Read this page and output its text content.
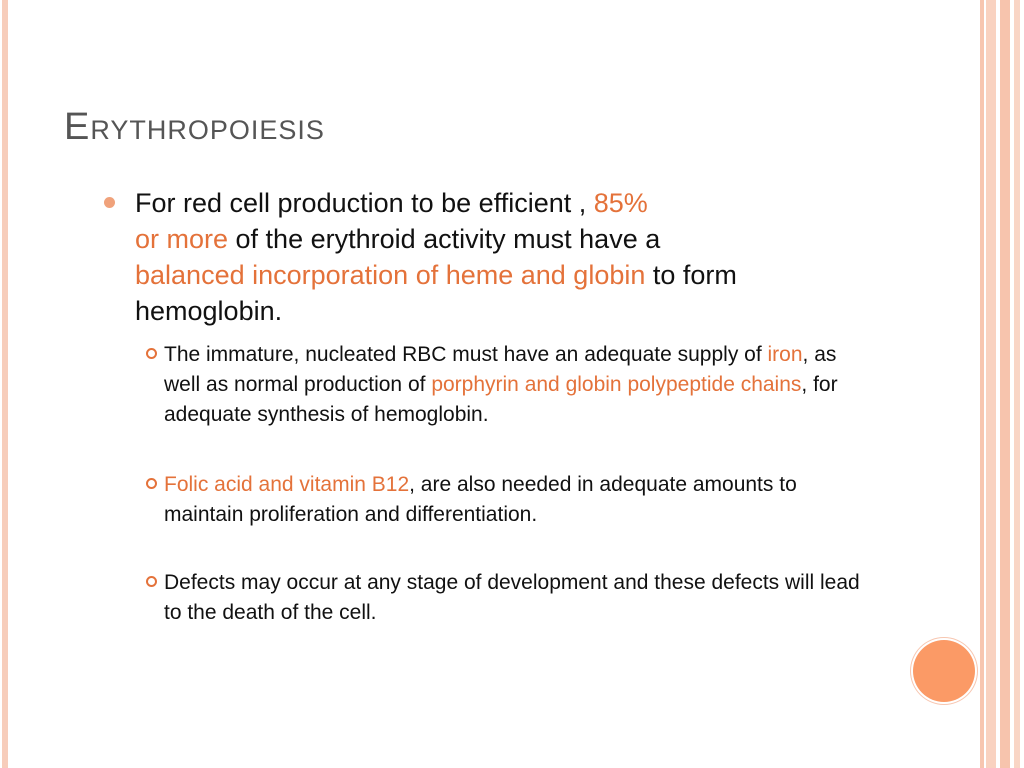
Erythropoiesis

For red cell production to be efficient , 85%
or more of the erythroid activity must have a
balanced incorporation of heme and globin to form hemoglobin.

The immature, nucleated RBC must have an adequate supply of iron, as well as normal production of porphyrin and globin polypeptide chains, for adequate synthesis of hemoglobin.

Folic acid and vitamin B12, are also needed in adequate amounts to maintain proliferation and differentiation.

Defects may occur at any stage of development and these defects will lead to the death of the cell.
